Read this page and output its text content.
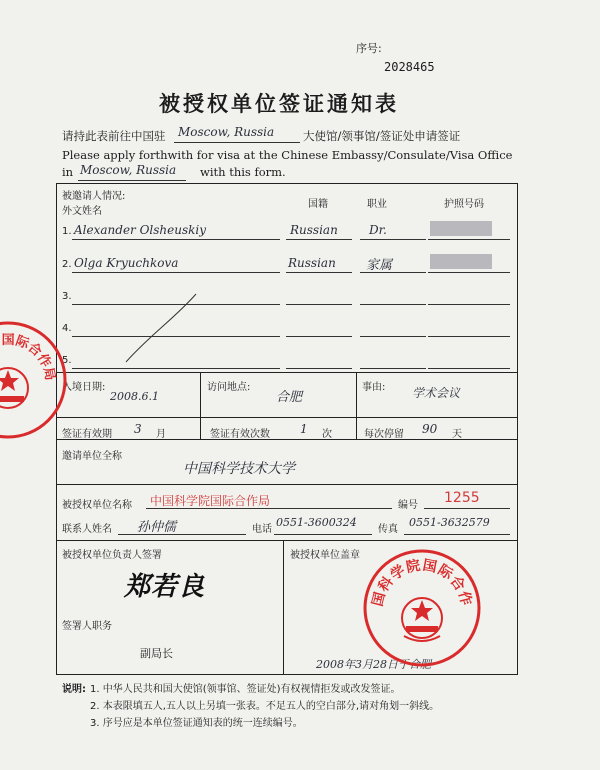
序号:
2028465
被授权单位签证通知表
请持此表前往中国驻 Moscow, Russia	大使馆/领事馆/签证处申请签证
Please apply forthwith for visa at the Chinese Embassy/Consulate/Visa Office
in Moscow, Russia with this form.
被邀请人情况:
外文姓名
国籍	职业	护照号码
1. Alexander Olsheuskiy	Russian	Dr.
2. Olga Kryuchkova	Russian 家属
3.
4.
5.
入境日期:
2008.6.1
访问地点:
合肥
事由: 学术会议
签证有效期 3 月	签证有效次数	1 次	每次停留 90 天
邀请单位全称
中国科学技术大学
被授权单位名称 中国科学院国际合作局	编号 1255
联系人姓名 孙仲儒	电话
0551-3600324
传真
0551-3632579
被授权单位负责人签署
郑若良
签署人职务
副局长
被授权单位盖章
2008年3月28日于合肥
国科学院国际合作
国际合作局
说明: 1. 中华人民共和国大使馆(领事馆、签证处)有权视情拒发或改发签证。
2. 本表限填五人,五人以上另填一张表。不足五人的空白部分,请对角划一斜线。
3. 序号应是本单位签证通知表的统一连续编号。
